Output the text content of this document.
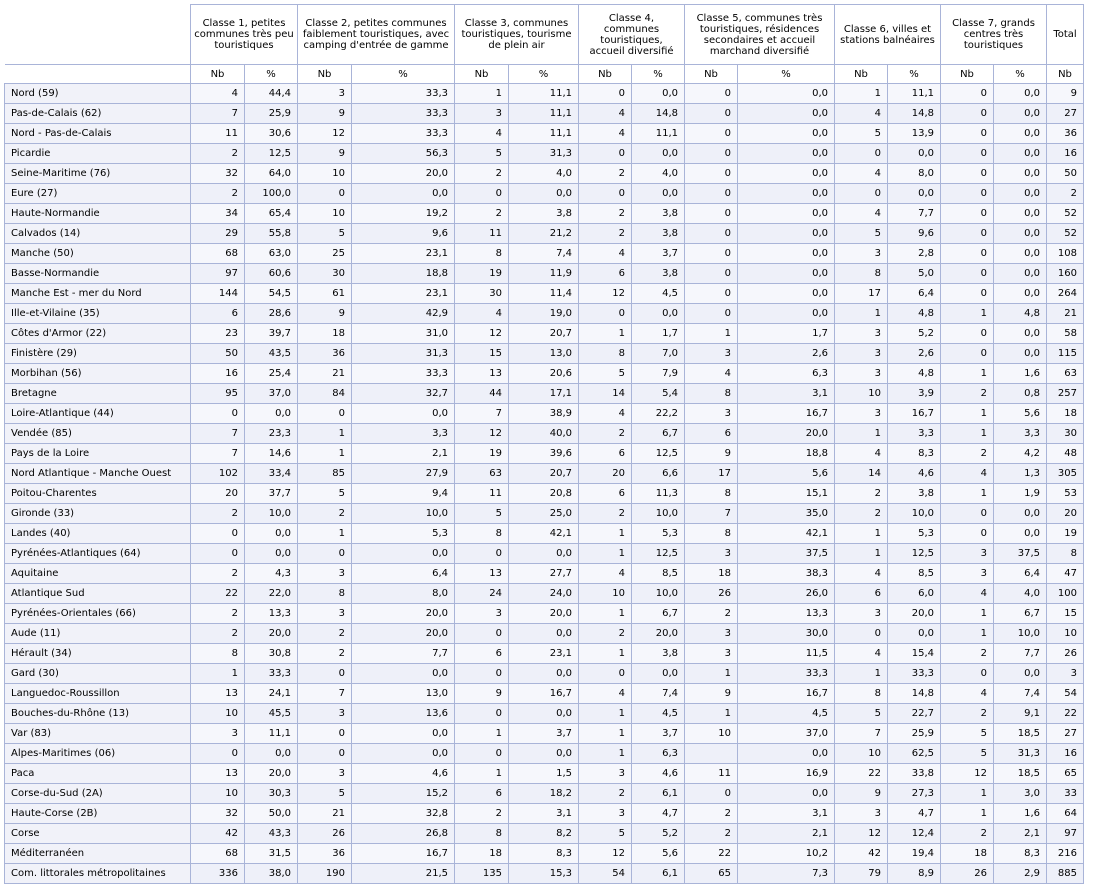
	Classe 1, petites communes très peu touristiques		Classe 2, petites communes faiblement touristiques, avec camping d'entrée de gamme		Classe 3, communes touristiques, tourisme de plein air		Classe 4, communes touristiques, accueil diversifié		Classe 5, communes très touristiques, résidences secondaires et accueil marchand diversifié		Classe 6, villes et stations balnéaires		Classe 7, grands centres très touristiques		Total
	Nb	%	Nb	%	Nb	%	Nb	%	Nb	%	Nb	%	Nb	%	Nb
Nord (59)	4	44,4	3	33,3	1	11,1	0	0,0	0	0,0	1	11,1	0	0,0	9
Pas-de-Calais (62)	7	25,9	9	33,3	3	11,1	4	14,8	0	0,0	4	14,8	0	0,0	27
Nord - Pas-de-Calais	11	30,6	12	33,3	4	11,1	4	11,1	0	0,0	5	13,9	0	0,0	36
Picardie	2	12,5	9	56,3	5	31,3	0	0,0	0	0,0	0	0,0	0	0,0	16
Seine-Maritime (76)	32	64,0	10	20,0	2	4,0	2	4,0	0	0,0	4	8,0	0	0,0	50
Eure (27)	2	100,0	0	0,0	0	0,0	0	0,0	0	0,0	0	0,0	0	0,0	2
Haute-Normandie	34	65,4	10	19,2	2	3,8	2	3,8	0	0,0	4	7,7	0	0,0	52
Calvados (14)	29	55,8	5	9,6	11	21,2	2	3,8	0	0,0	5	9,6	0	0,0	52
Manche (50)	68	63,0	25	23,1	8	7,4	4	3,7	0	0,0	3	2,8	0	0,0	108
Basse-Normandie	97	60,6	30	18,8	19	11,9	6	3,8	0	0,0	8	5,0	0	0,0	160
Manche Est - mer du Nord	144	54,5	61	23,1	30	11,4	12	4,5	0	0,0	17	6,4	0	0,0	264
Ille-et-Vilaine (35)	6	28,6	9	42,9	4	19,0	0	0,0	0	0,0	1	4,8	1	4,8	21
Côtes d'Armor (22)	23	39,7	18	31,0	12	20,7	1	1,7	1	1,7	3	5,2	0	0,0	58
Finistère (29)	50	43,5	36	31,3	15	13,0	8	7,0	3	2,6	3	2,6	0	0,0	115
Morbihan (56)	16	25,4	21	33,3	13	20,6	5	7,9	4	6,3	3	4,8	1	1,6	63
Bretagne	95	37,0	84	32,7	44	17,1	14	5,4	8	3,1	10	3,9	2	0,8	257
Loire-Atlantique (44)	0	0,0	0	0,0	7	38,9	4	22,2	3	16,7	3	16,7	1	5,6	18
Vendée (85)	7	23,3	1	3,3	12	40,0	2	6,7	6	20,0	1	3,3	1	3,3	30
Pays de la Loire	7	14,6	1	2,1	19	39,6	6	12,5	9	18,8	4	8,3	2	4,2	48
Nord Atlantique - Manche Ouest	102	33,4	85	27,9	63	20,7	20	6,6	17	5,6	14	4,6	4	1,3	305
Poitou-Charentes	20	37,7	5	9,4	11	20,8	6	11,3	8	15,1	2	3,8	1	1,9	53
Gironde (33)	2	10,0	2	10,0	5	25,0	2	10,0	7	35,0	2	10,0	0	0,0	20
Landes (40)	0	0,0	1	5,3	8	42,1	1	5,3	8	42,1	1	5,3	0	0,0	19
Pyrénées-Atlantiques (64)	0	0,0	0	0,0	0	0,0	1	12,5	3	37,5	1	12,5	3	37,5	8
Aquitaine	2	4,3	3	6,4	13	27,7	4	8,5	18	38,3	4	8,5	3	6,4	47
Atlantique Sud	22	22,0	8	8,0	24	24,0	10	10,0	26	26,0	6	6,0	4	4,0	100
Pyrénées-Orientales (66)	2	13,3	3	20,0	3	20,0	1	6,7	2	13,3	3	20,0	1	6,7	15
Aude (11)	2	20,0	2	20,0	0	0,0	2	20,0	3	30,0	0	0,0	1	10,0	10
Hérault (34)	8	30,8	2	7,7	6	23,1	1	3,8	3	11,5	4	15,4	2	7,7	26
Gard (30)	1	33,3	0	0,0	0	0,0	0	0,0	1	33,3	1	33,3	0	0,0	3
Languedoc-Roussillon	13	24,1	7	13,0	9	16,7	4	7,4	9	16,7	8	14,8	4	7,4	54
Bouches-du-Rhône (13)	10	45,5	3	13,6	0	0,0	1	4,5	1	4,5	5	22,7	2	9,1	22
Var (83)	3	11,1	0	0,0	1	3,7	1	3,7	10	37,0	7	25,9	5	18,5	27
Alpes-Maritimes (06)	0	0,0	0	0,0	0	0,0	1	6,3		0,0	10	62,5	5	31,3	16
Paca	13	20,0	3	4,6	1	1,5	3	4,6	11	16,9	22	33,8	12	18,5	65
Corse-du-Sud (2A)	10	30,3	5	15,2	6	18,2	2	6,1	0	0,0	9	27,3	1	3,0	33
Haute-Corse (2B)	32	50,0	21	32,8	2	3,1	3	4,7	2	3,1	3	4,7	1	1,6	64
Corse	42	43,3	26	26,8	8	8,2	5	5,2	2	2,1	12	12,4	2	2,1	97
Méditerranéen	68	31,5	36	16,7	18	8,3	12	5,6	22	10,2	42	19,4	18	8,3	216
Com. littorales métropolitaines	336	38,0	190	21,5	135	15,3	54	6,1	65	7,3	79	8,9	26	2,9	885
